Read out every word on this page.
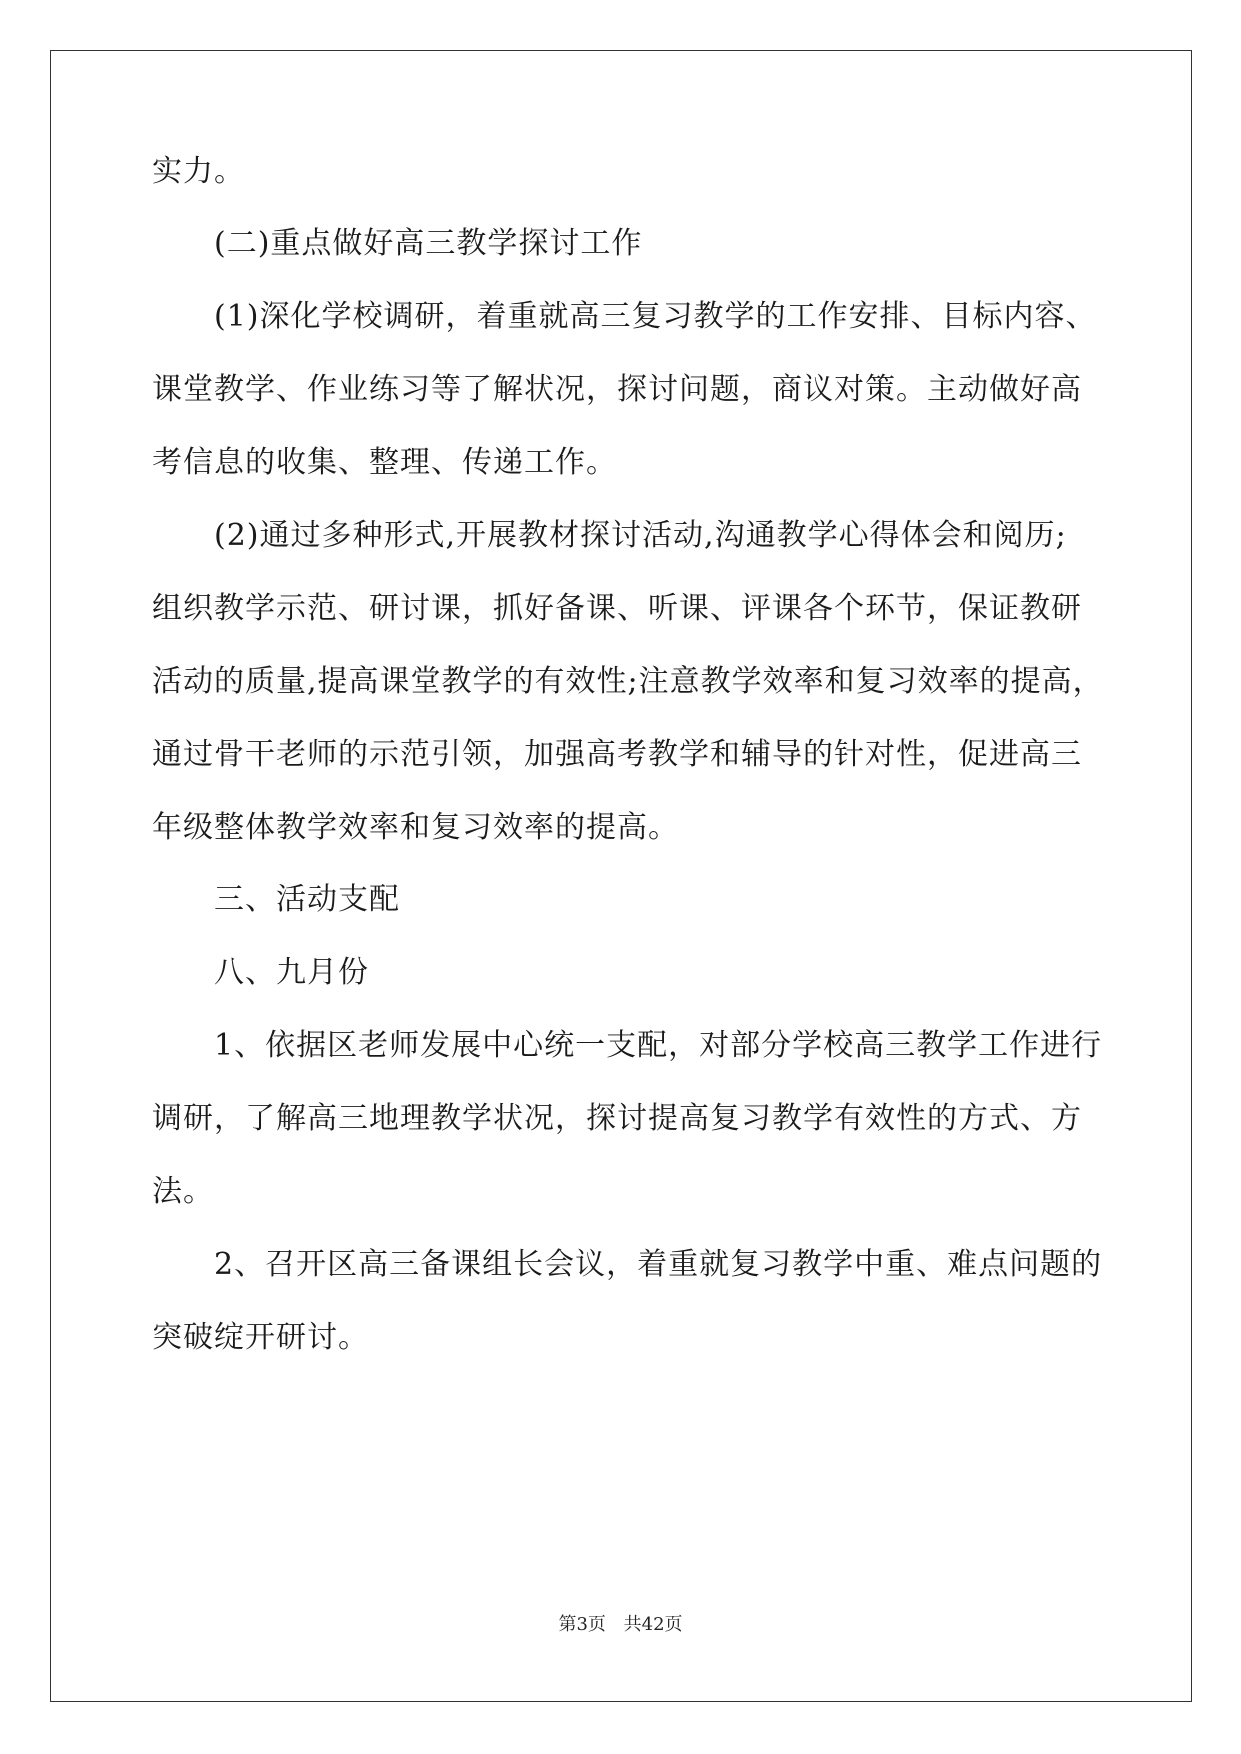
实力。
(二)重点做好高三教学探讨工作
(1)深化学校调研，着重就高三复习教学的工作安排、目标内容、
课堂教学、作业练习等了解状况，探讨问题，商议对策。主动做好高
考信息的收集、整理、传递工作。
(2)通过多种形式,开展教材探讨活动,沟通教学心得体会和阅历;
组织教学示范、研讨课，抓好备课、听课、评课各个环节，保证教研
活动的质量,提高课堂教学的有效性;注意教学效率和复习效率的提高，
通过骨干老师的示范引领，加强高考教学和辅导的针对性，促进高三
年级整体教学效率和复习效率的提高。
三、活动支配
八、九月份
1、依据区老师发展中心统一支配，对部分学校高三教学工作进行
调研，了解高三地理教学状况，探讨提高复习教学有效性的方式、方
法。
2、召开区高三备课组长会议，着重就复习教学中重、难点问题的
突破绽开研讨。
第3页 共42页
